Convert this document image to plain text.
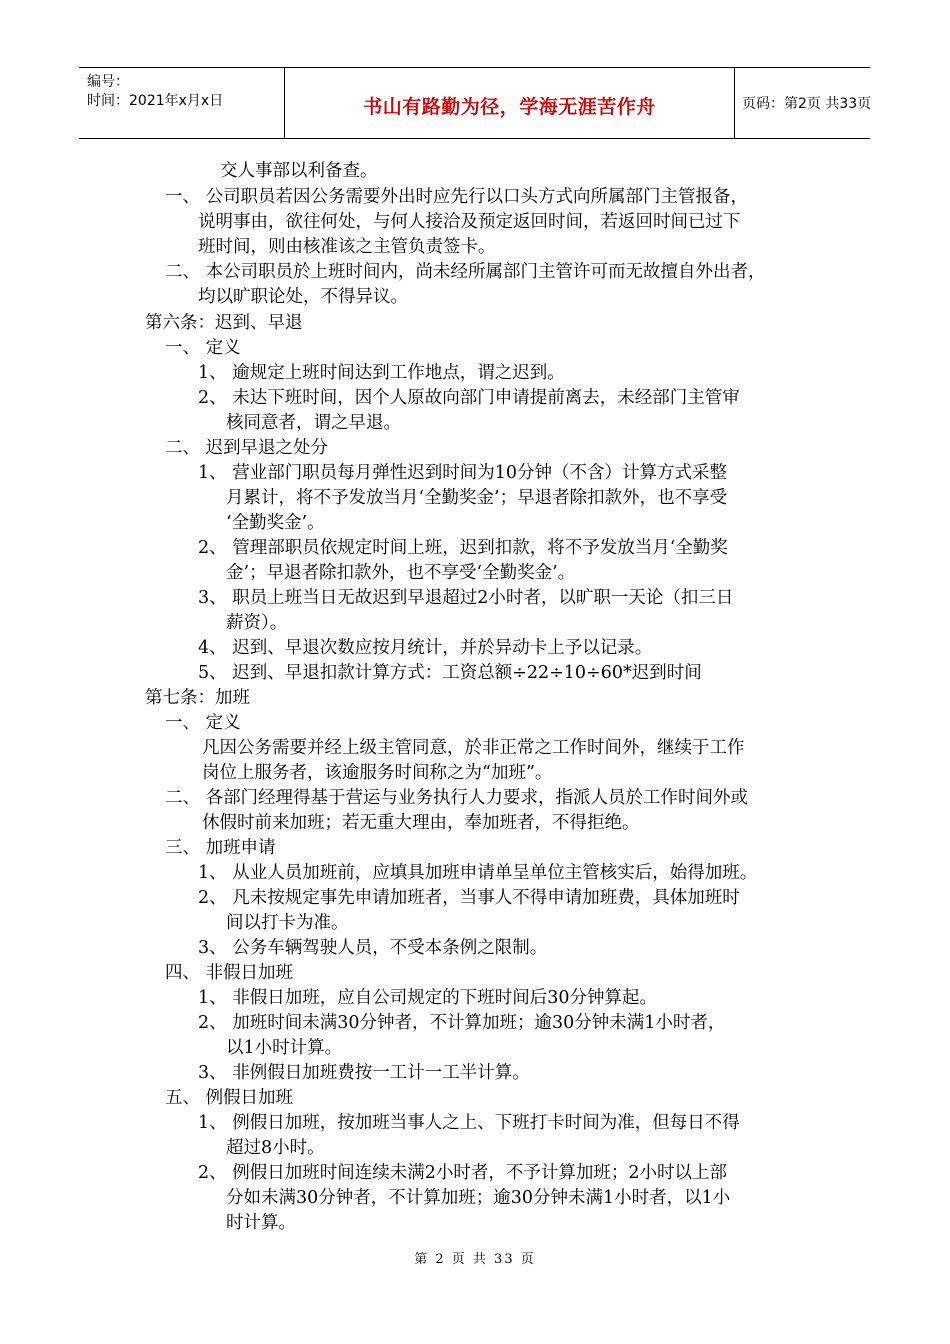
编号：
时间：2021年x月x日	书山有路勤为径，学海无涯苦作舟	页码：第2页 共33页
交人事部以利备查。
一、 公司职员若因公务需要外出时应先行以口头方式向所属部门主管报备，
说明事由，欲往何处，与何人接洽及预定返回时间，若返回时间已过下
班时间，则由核准该之主管负责签卡。
二、 本公司职员於上班时间内，尚未经所属部门主管许可而无故擅自外出者，
均以旷职论处，不得异议。
第六条：迟到、早退
一、 定义
1、 逾规定上班时间达到工作地点，谓之迟到。
2、 未达下班时间，因个人原故向部门申请提前离去，未经部门主管审
核同意者，谓之早退。
二、 迟到早退之处分
1、 营业部门职员每月弹性迟到时间为10分钟（不含）计算方式采整
月累计，将不予发放当月‘全勤奖金’；早退者除扣款外，也不享受
‘全勤奖金’。
2、 管理部职员依规定时间上班，迟到扣款，将不予发放当月‘全勤奖
金’；早退者除扣款外，也不享受‘全勤奖金’。
3、 职员上班当日无故迟到早退超过2小时者，以旷职一天论（扣三日
薪资）。
4、 迟到、早退次数应按月统计，并於异动卡上予以记录。
5、 迟到、早退扣款计算方式：工资总额÷22÷10÷60*迟到时间
第七条：加班
一、 定义
凡因公务需要并经上级主管同意，於非正常之工作时间外，继续于工作
岗位上服务者，该逾服务时间称之为“加班”。
二、 各部门经理得基于营运与业务执行人力要求，指派人员於工作时间外或
休假时前来加班；若无重大理由，奉加班者，不得拒绝。
三、 加班申请
1、 从业人员加班前，应填具加班申请单呈单位主管核实后，始得加班。
2、 凡未按规定事先申请加班者，当事人不得申请加班费，具体加班时
间以打卡为准。
3、 公务车辆驾驶人员，不受本条例之限制。
四、 非假日加班
1、 非假日加班，应自公司规定的下班时间后30分钟算起。
2、 加班时间未满30分钟者，不计算加班；逾30分钟未满1小时者，
以1小时计算。
3、 非例假日加班费按一工计一工半计算。
五、 例假日加班
1、 例假日加班，按加班当事人之上、下班打卡时间为准，但每日不得
超过8小时。
2、 例假日加班时间连续未满2小时者，不予计算加班；2小时以上部
分如未满30分钟者，不计算加班；逾30分钟未满1小时者，以1小
时计算。
第 2 页 共 33 页
